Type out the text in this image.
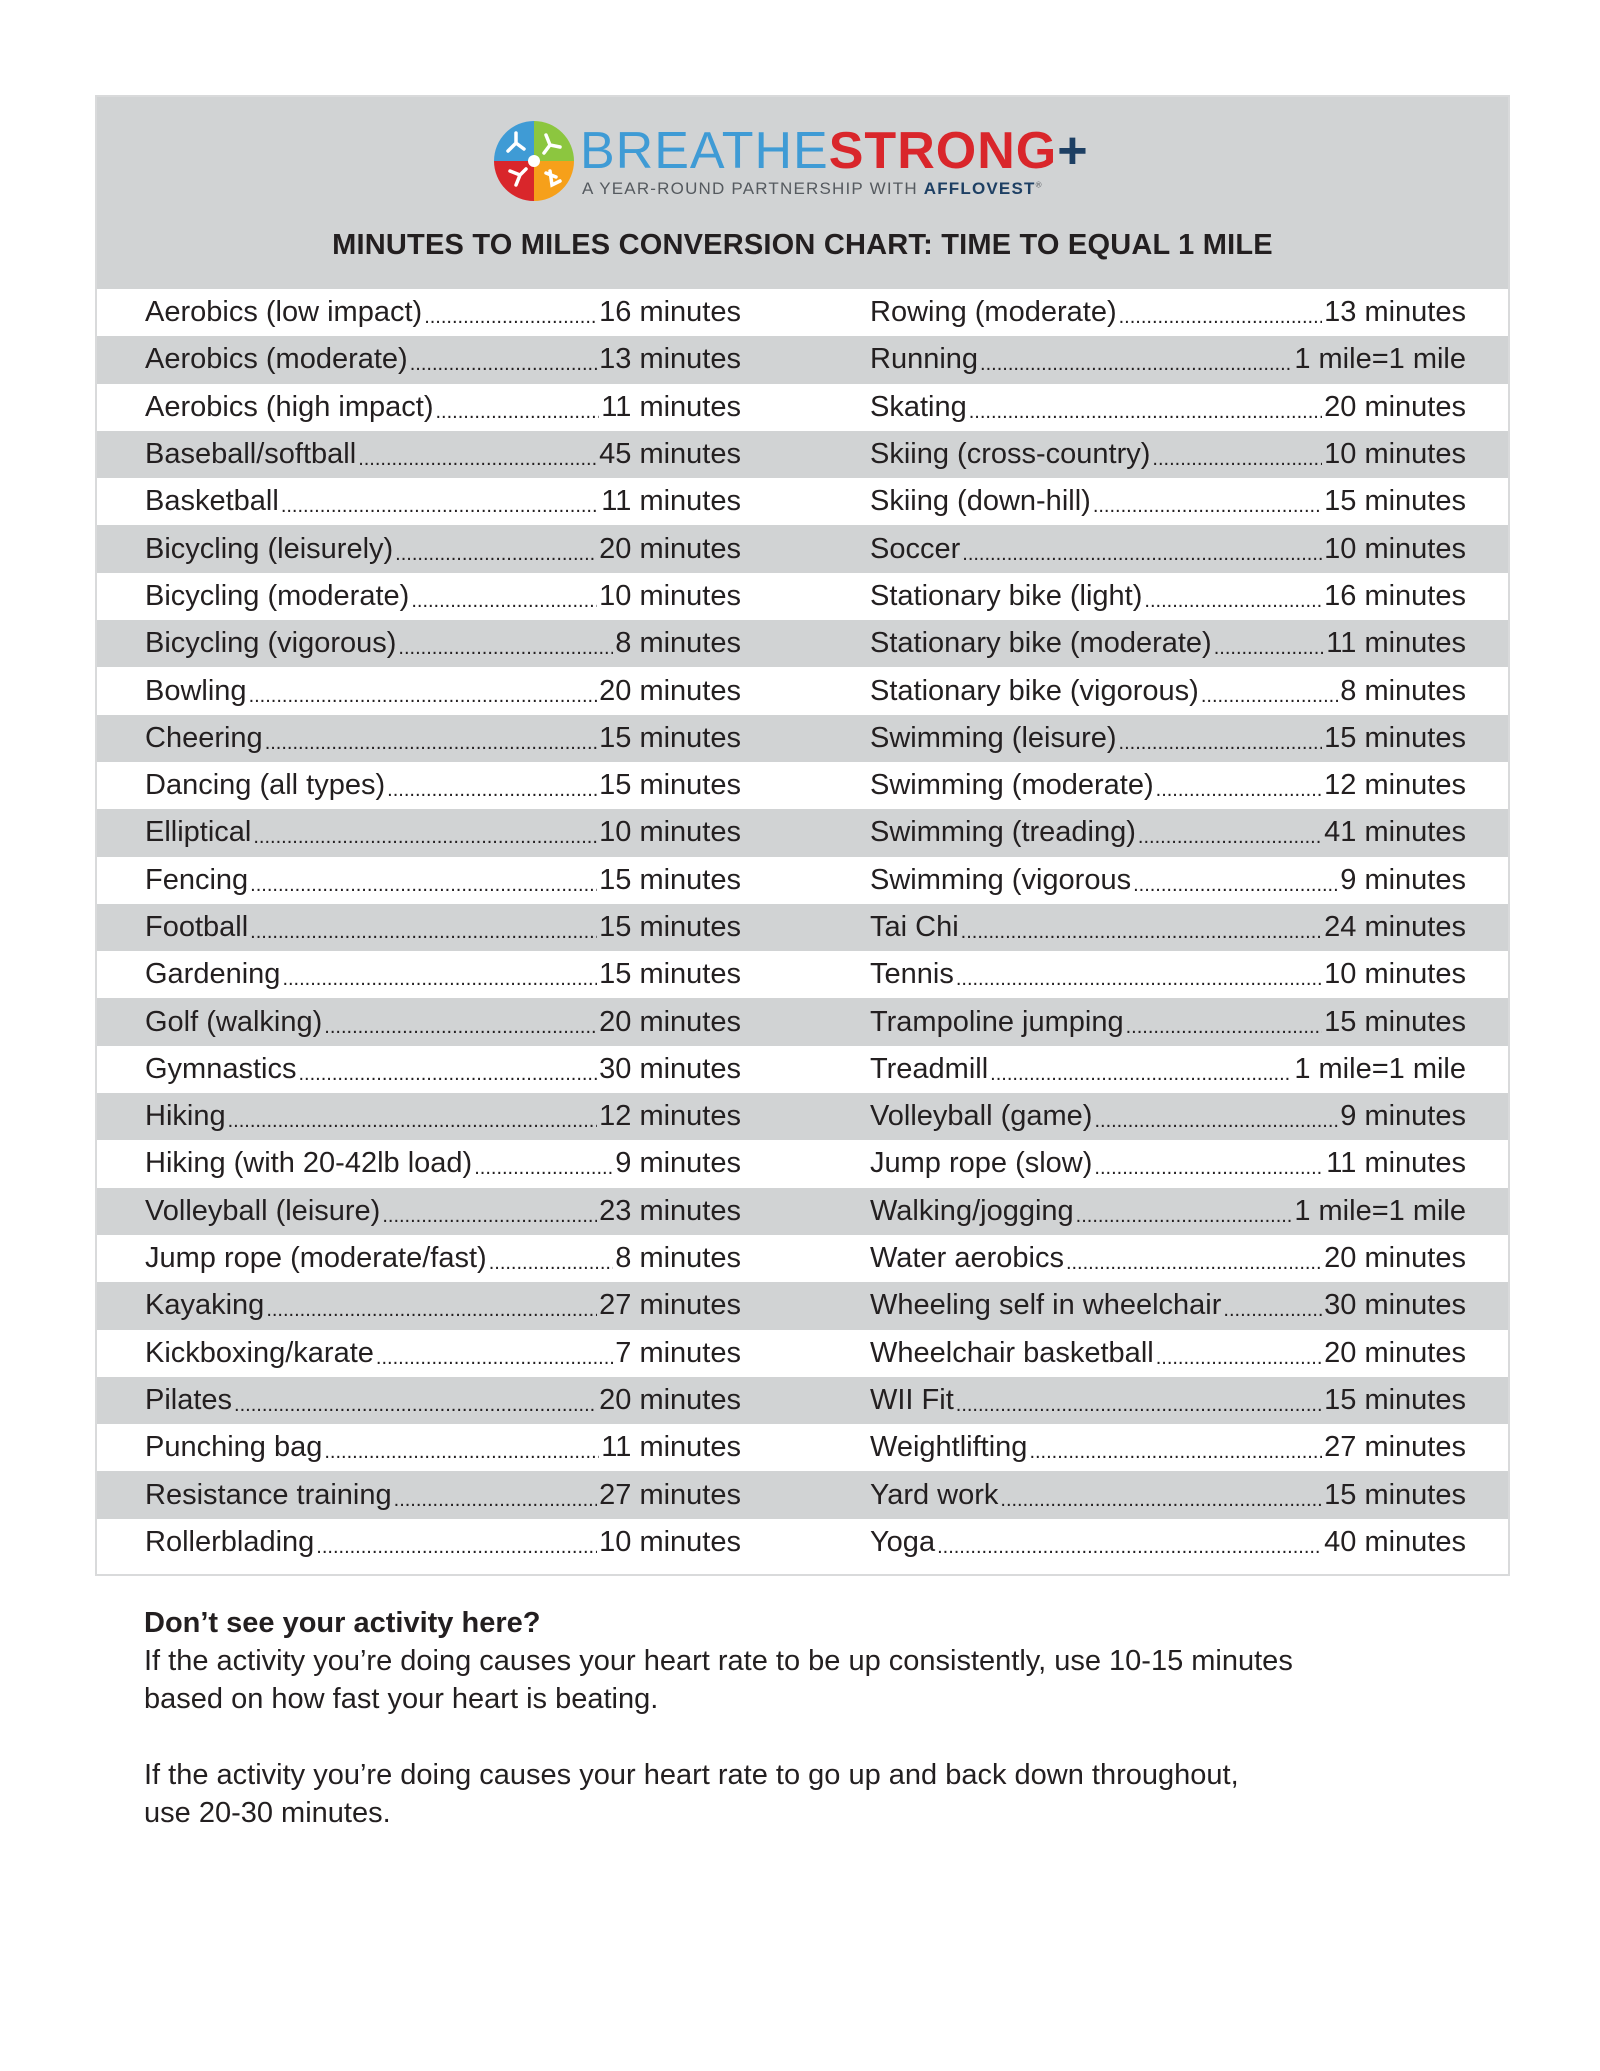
BREATHESTRONG+
A YEAR-ROUND PARTNERSHIP WITH AFFLOVEST®
MINUTES TO MILES CONVERSION CHART: TIME TO EQUAL 1 MILE
Aerobics (low impact) .....	16 minutes	Rowing (moderate) .....	13 minutes
Aerobics (moderate) .....	13 minutes	Running .....	1 mile=1 mile
Aerobics (high impact) .....	11 minutes	Skating .....	20 minutes
Baseball/softball .....	45 minutes	Skiing (cross-country) .....	10 minutes
Basketball .....	11 minutes	Skiing (down-hill) .....	15 minutes
Bicycling (leisurely) .....	20 minutes	Soccer .....	10 minutes
Bicycling (moderate) .....	10 minutes	Stationary bike (light) .....	16 minutes
Bicycling (vigorous) .....	8 minutes	Stationary bike (moderate) .....	11 minutes
Bowling .....	20 minutes	Stationary bike (vigorous) .....	8 minutes
Cheering .....	15 minutes	Swimming (leisure) .....	15 minutes
Dancing (all types) .....	15 minutes	Swimming (moderate) .....	12 minutes
Elliptical .....	10 minutes	Swimming (treading) .....	41 minutes
Fencing .....	15 minutes	Swimming (vigorous .....	9 minutes
Football .....	15 minutes	Tai Chi .....	24 minutes
Gardening .....	15 minutes	Tennis .....	10 minutes
Golf (walking) .....	20 minutes	Trampoline jumping .....	15 minutes
Gymnastics .....	30 minutes	Treadmill .....	1 mile=1 mile
Hiking .....	12 minutes	Volleyball (game) .....	9 minutes
Hiking (with 20-42lb load) .....	9 minutes	Jump rope (slow) .....	11 minutes
Volleyball (leisure) .....	23 minutes	Walking/jogging .....	1 mile=1 mile
Jump rope (moderate/fast) .....	8 minutes	Water aerobics .....	20 minutes
Kayaking .....	27 minutes	Wheeling self in wheelchair .....	30 minutes
Kickboxing/karate .....	7 minutes	Wheelchair basketball .....	20 minutes
Pilates .....	20 minutes	WII Fit .....	15 minutes
Punching bag .....	11 minutes	Weightlifting .....	27 minutes
Resistance training .....	27 minutes	Yard work .....	15 minutes
Rollerblading .....	10 minutes	Yoga .....	40 minutes

Don’t see your activity here?

If the activity you’re doing causes your heart rate to be up consistently, use 10-15 minutes

based on how fast your heart is beating.

If the activity you’re doing causes your heart rate to go up and back down throughout,

use 20-30 minutes.
